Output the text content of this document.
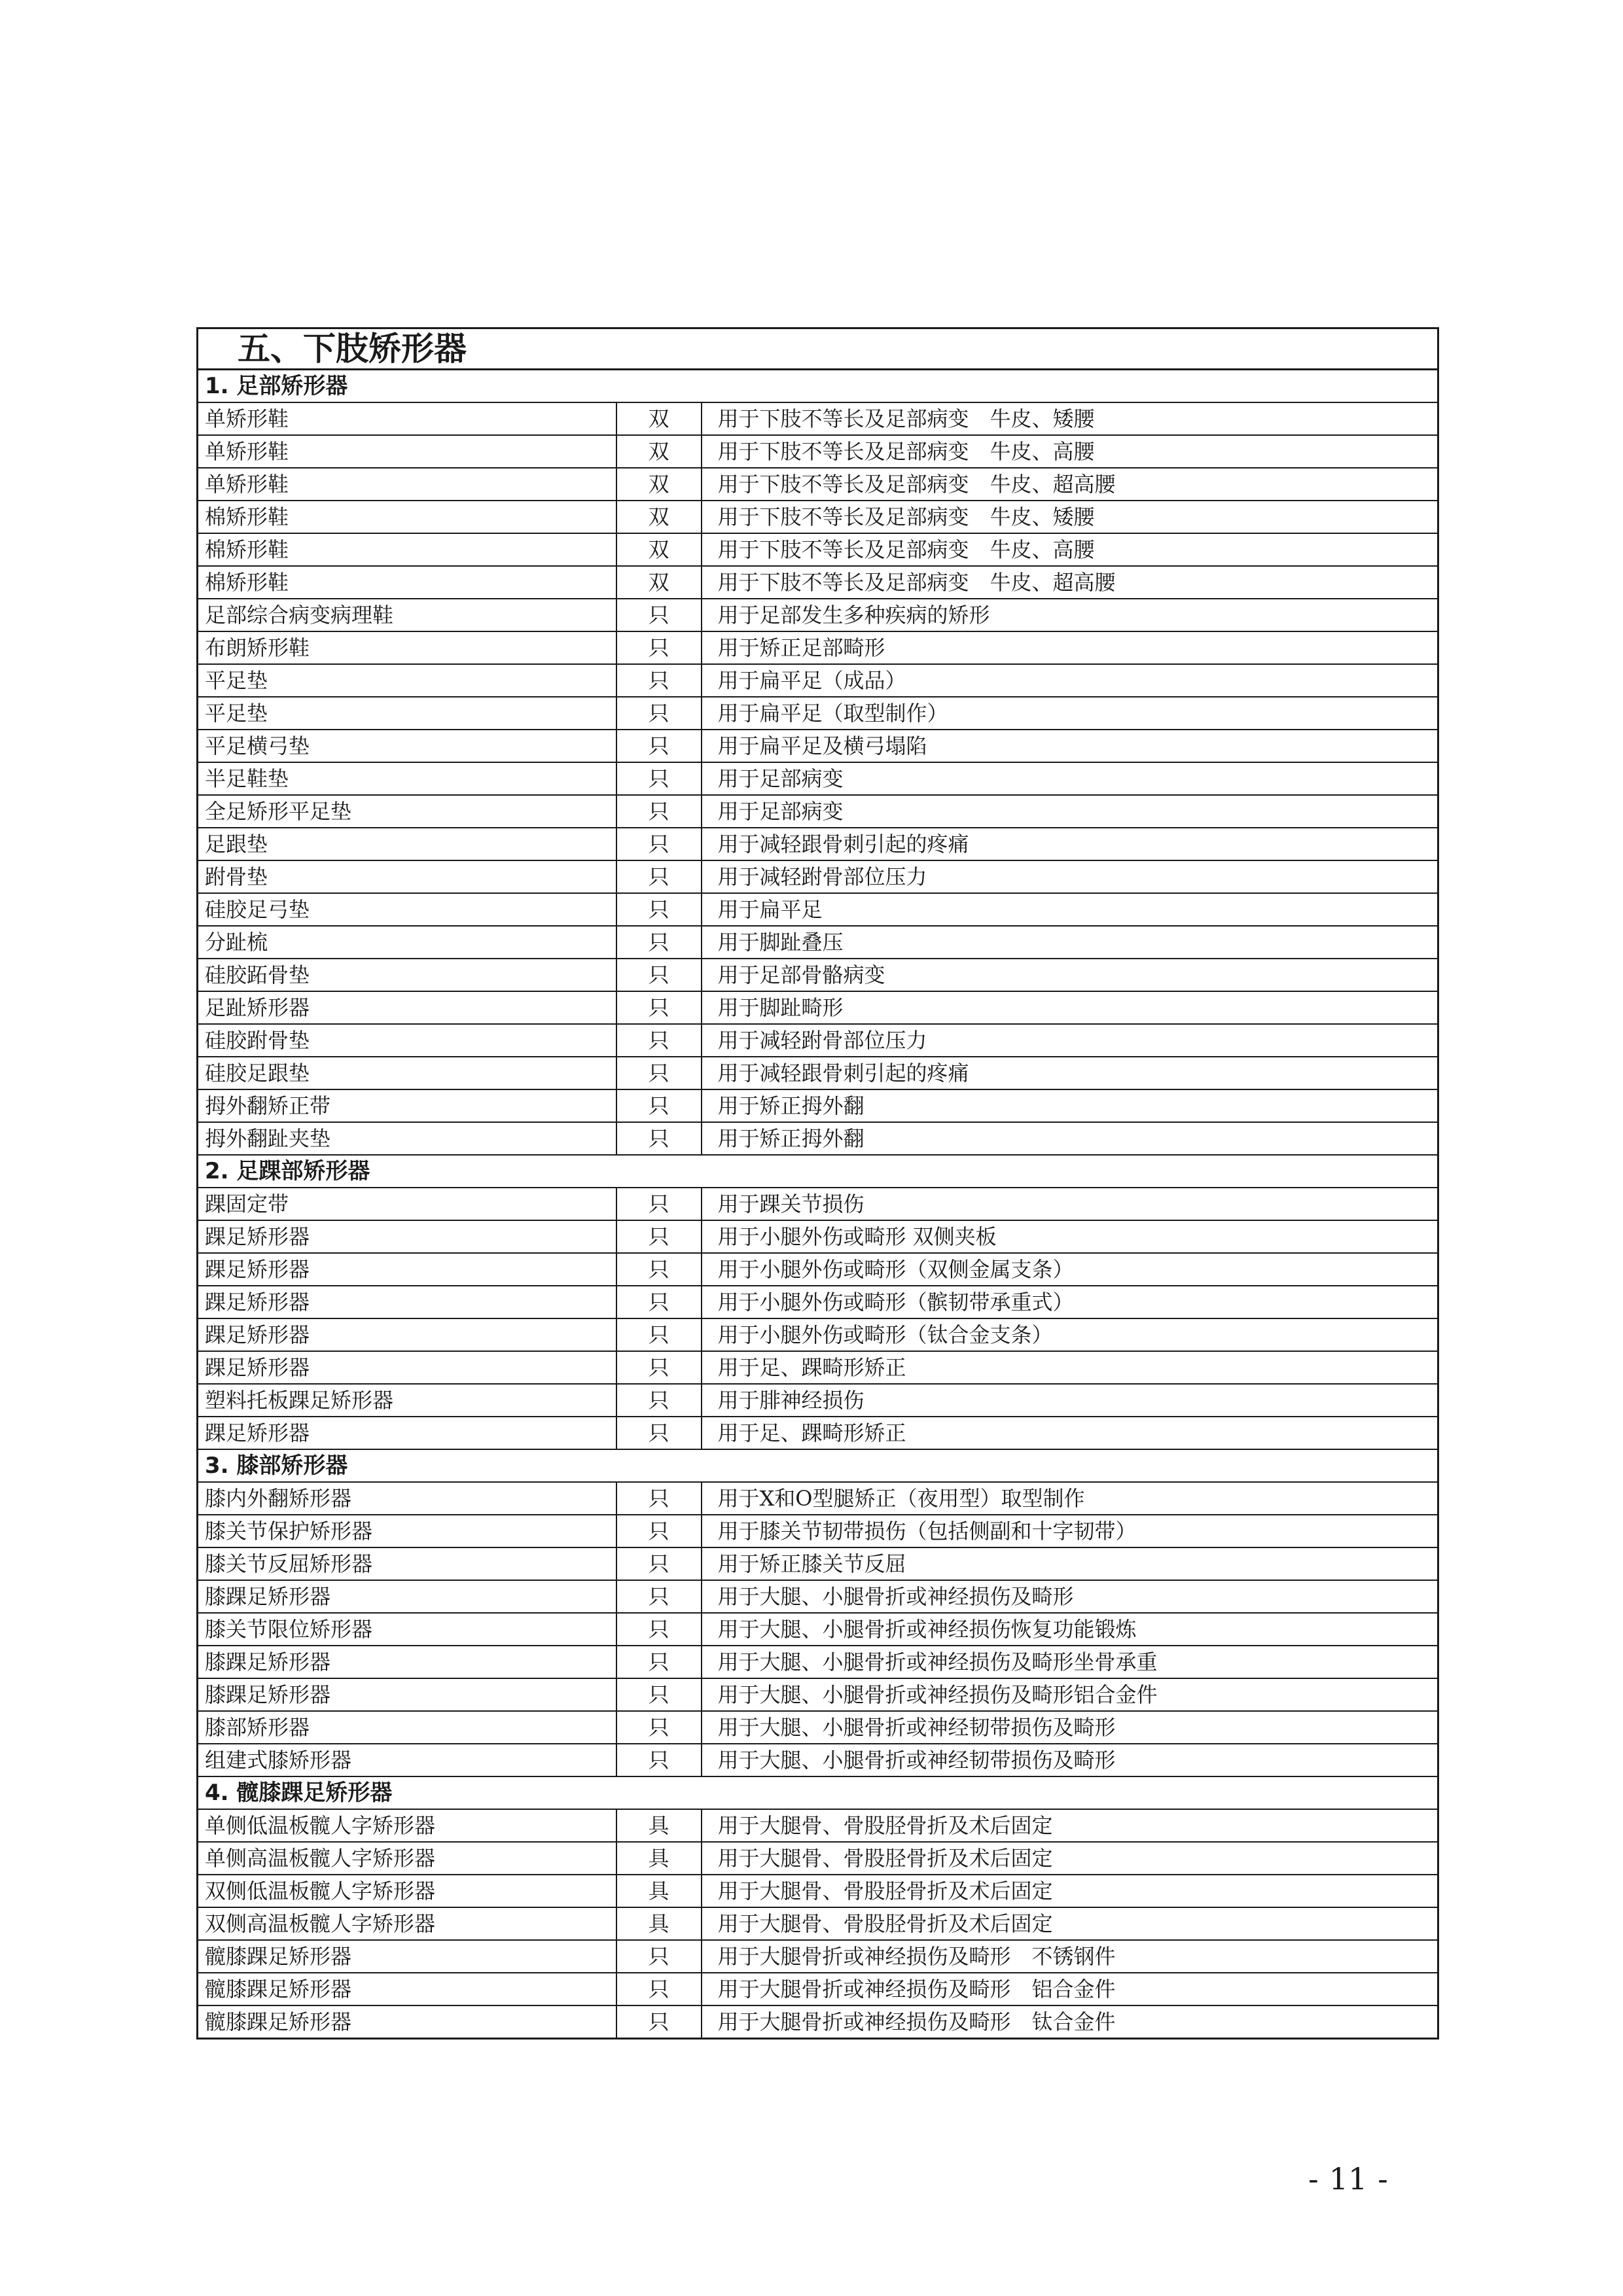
五、下肢矫形器		
1. 足部矫形器		
单矫形鞋	双	用于下肢不等长及足部病变　牛皮、矮腰
单矫形鞋	双	用于下肢不等长及足部病变　牛皮、高腰
单矫形鞋	双	用于下肢不等长及足部病变　牛皮、超高腰
棉矫形鞋	双	用于下肢不等长及足部病变　牛皮、矮腰
棉矫形鞋	双	用于下肢不等长及足部病变　牛皮、高腰
棉矫形鞋	双	用于下肢不等长及足部病变　牛皮、超高腰
足部综合病变病理鞋	只	用于足部发生多种疾病的矫形
布朗矫形鞋	只	用于矫正足部畸形
平足垫	只	用于扁平足（成品）
平足垫	只	用于扁平足（取型制作）
平足横弓垫	只	用于扁平足及横弓塌陷
半足鞋垫	只	用于足部病变
全足矫形平足垫	只	用于足部病变
足跟垫	只	用于减轻跟骨刺引起的疼痛
跗骨垫	只	用于减轻跗骨部位压力
硅胶足弓垫	只	用于扁平足
分趾梳	只	用于脚趾叠压
硅胶跖骨垫	只	用于足部骨骼病变
足趾矫形器	只	用于脚趾畸形
硅胶跗骨垫	只	用于减轻跗骨部位压力
硅胶足跟垫	只	用于减轻跟骨刺引起的疼痛
拇外翻矫正带	只	用于矫正拇外翻
拇外翻趾夹垫	只	用于矫正拇外翻
2. 足踝部矫形器		
踝固定带	只	用于踝关节损伤
踝足矫形器	只	用于小腿外伤或畸形 双侧夹板
踝足矫形器	只	用于小腿外伤或畸形（双侧金属支条）
踝足矫形器	只	用于小腿外伤或畸形（髌韧带承重式）
踝足矫形器	只	用于小腿外伤或畸形（钛合金支条）
踝足矫形器	只	用于足、踝畸形矫正
塑料托板踝足矫形器	只	用于腓神经损伤
踝足矫形器	只	用于足、踝畸形矫正
3. 膝部矫形器		
膝内外翻矫形器	只	用于X和O型腿矫正（夜用型）取型制作
膝关节保护矫形器	只	用于膝关节韧带损伤（包括侧副和十字韧带）
膝关节反屈矫形器	只	用于矫正膝关节反屈
膝踝足矫形器	只	用于大腿、小腿骨折或神经损伤及畸形
膝关节限位矫形器	只	用于大腿、小腿骨折或神经损伤恢复功能锻炼
膝踝足矫形器	只	用于大腿、小腿骨折或神经损伤及畸形坐骨承重
膝踝足矫形器	只	用于大腿、小腿骨折或神经损伤及畸形铝合金件
膝部矫形器	只	用于大腿、小腿骨折或神经韧带损伤及畸形
组建式膝矫形器	只	用于大腿、小腿骨折或神经韧带损伤及畸形
4. 髋膝踝足矫形器		
单侧低温板髋人字矫形器	具	用于大腿骨、骨股胫骨折及术后固定
单侧高温板髋人字矫形器	具	用于大腿骨、骨股胫骨折及术后固定
双侧低温板髋人字矫形器	具	用于大腿骨、骨股胫骨折及术后固定
双侧高温板髋人字矫形器	具	用于大腿骨、骨股胫骨折及术后固定
髋膝踝足矫形器	只	用于大腿骨折或神经损伤及畸形　不锈钢件
髋膝踝足矫形器	只	用于大腿骨折或神经损伤及畸形　铝合金件
髋膝踝足矫形器	只	用于大腿骨折或神经损伤及畸形　钛合金件
- 11 -
